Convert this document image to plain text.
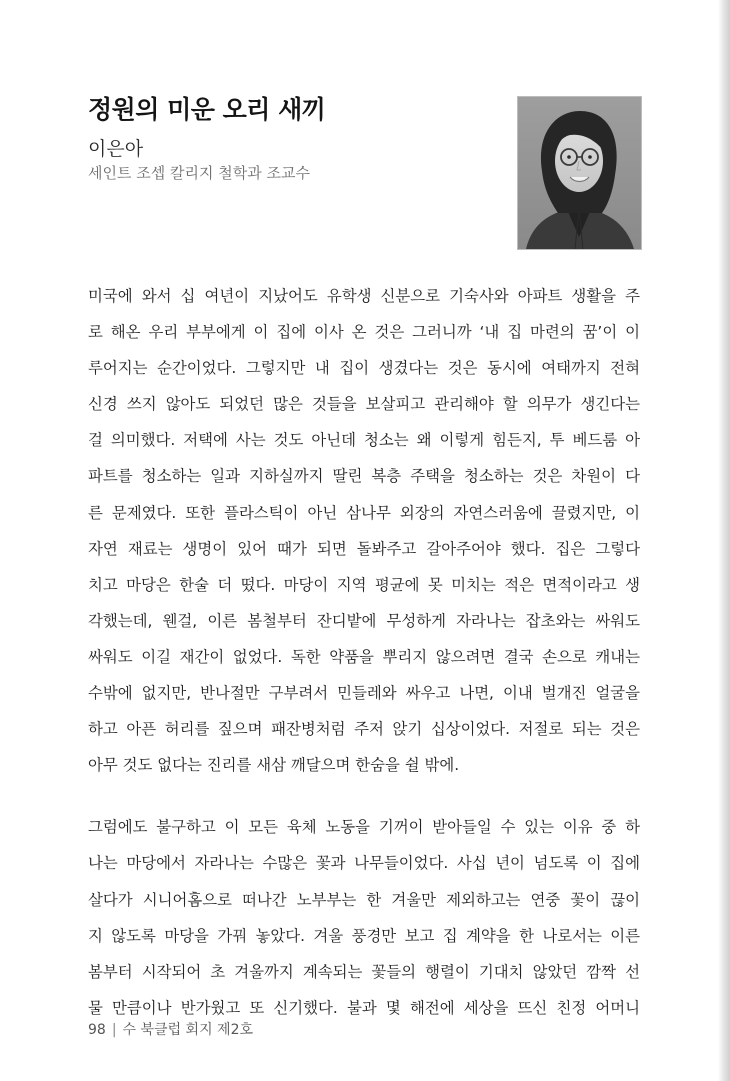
정원의 미운 오리 새끼
이은아
세인트 조셉 칼리지 철학과 조교수
미국에 와서 십 여년이 지났어도 유학생 신분으로 기숙사와 아파트 생활을 주
로 해온 우리 부부에게 이 집에 이사 온 것은 그러니까 ‘내 집 마련의 꿈’이 이
루어지는 순간이었다. 그렇지만 내 집이 생겼다는 것은 동시에 여태까지 전혀
신경 쓰지 않아도 되었던 많은 것들을 보살피고 관리해야 할 의무가 생긴다는
걸 의미했다. 저택에 사는 것도 아닌데 청소는 왜 이렇게 힘든지, 투 베드룸 아
파트를 청소하는 일과 지하실까지 딸린 복층 주택을 청소하는 것은 차원이 다
른 문제였다. 또한 플라스틱이 아닌 삼나무 외장의 자연스러움에 끌렸지만, 이
자연 재료는 생명이 있어 때가 되면 돌봐주고 갈아주어야 했다. 집은 그렇다
치고 마당은 한술 더 떴다. 마당이 지역 평균에 못 미치는 적은 면적이라고 생
각했는데, 웬걸, 이른 봄철부터 잔디밭에 무성하게 자라나는 잡초와는 싸워도
싸워도 이길 재간이 없었다. 독한 약품을 뿌리지 않으려면 결국 손으로 캐내는
수밖에 없지만, 반나절만 구부려서 민들레와 싸우고 나면, 이내 벌개진 얼굴을
하고 아픈 허리를 짚으며 패잔병처럼 주저 앉기 십상이었다. 저절로 되는 것은
아무 것도 없다는 진리를 새삼 깨달으며 한숨을 쉴 밖에.
그럼에도 불구하고 이 모든 육체 노동을 기꺼이 받아들일 수 있는 이유 중 하
나는 마당에서 자라나는 수많은 꽃과 나무들이었다. 사십 년이 넘도록 이 집에
살다가 시니어홈으로 떠나간 노부부는 한 겨울만 제외하고는 연중 꽃이 끊이
지 않도록 마당을 가꿔 놓았다. 겨울 풍경만 보고 집 계약을 한 나로서는 이른
봄부터 시작되어 초 겨울까지 계속되는 꽃들의 행렬이 기대치 않았던 깜짝 선
물 만큼이나 반가웠고 또 신기했다. 불과 몇 해전에 세상을 뜨신 친정 어머니
98 | 수 북클럽 회지 제2호
